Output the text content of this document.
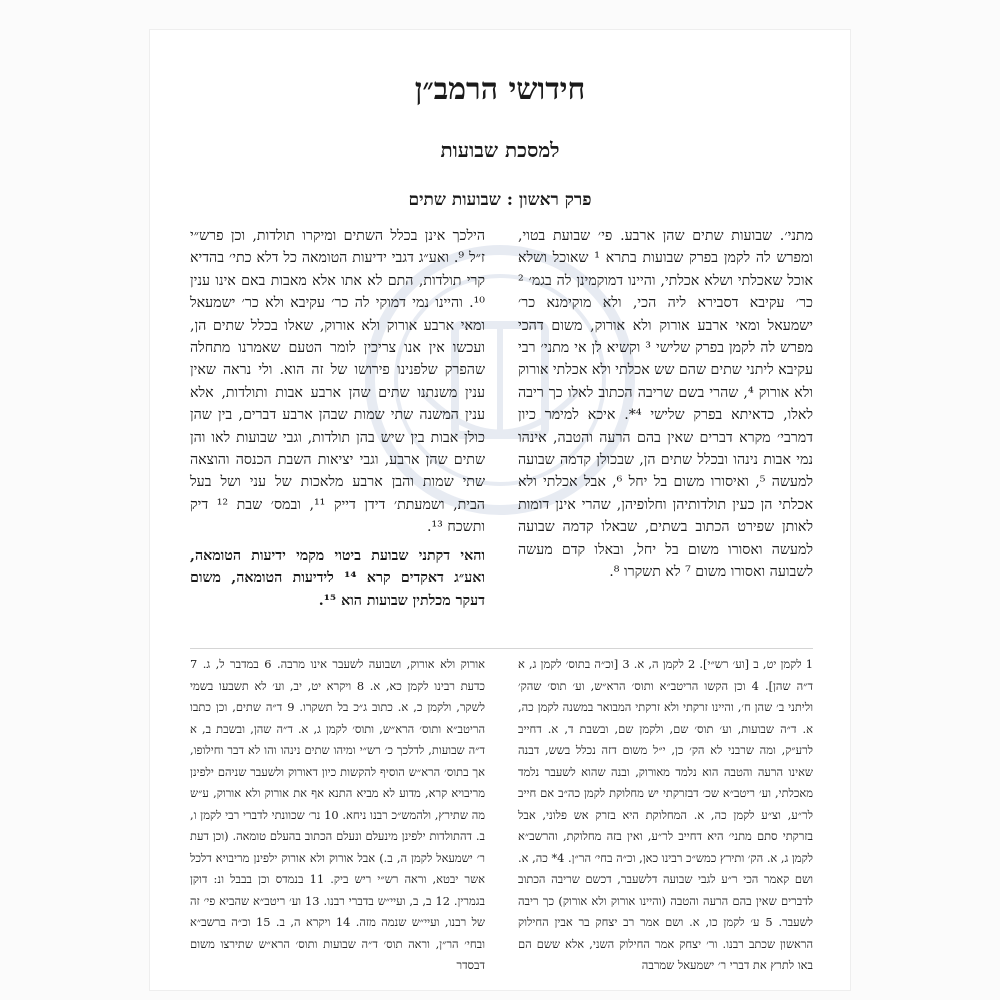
חידושי הרמב״ן
למסכת שבועות
פרק ראשון : שבועות שתים

מתני׳. שבועות שתים שהן ארבע. פי׳ שבועת בטוי, ומפרש לה לקמן בפרק שבועות בתרא ¹ שאוכל ושלא אוכל שאכלתי ושלא אכלתי, והיינו דמוקמינן לה בגמ׳ ² כר׳ עקיבא דסבירא ליה הכי, ולא מוקימנא כר׳ ישמעאל ומאי ארבע אורוק ולא אורוק, משום דהכי מפרש לה לקמן בפרק שלישי ³ וקשיא לן אי מתני׳ רבי עקיבא ליתני שתים שהם שש אכלתי ולא אכלתי אורוק ולא אורוק ⁴, שהרי בשם שריבה הכתוב לאלו כך ריבה לאלו, כדאיתא בפרק שלישי ⁴*. איכא למימר כיון דמרבי׳ מקרא דברים שאין בהם הרעה והטבה, אינהו נמי אבות נינהו ובכלל שתים הן, שבכולן קדמה שבועה למעשה ⁵, ואיסורו משום בל יחל ⁶, אבל אכלתי ולא אכלתי הן כעין תולדותיהן וחלופיהן, שהרי אינן דומות לאותן שפירט הכתוב בשתים, שבאלו קדמה שבועה למעשה ואסורו משום בל יחל, ובאלו קדם מעשה לשבועה ואסורו משום ⁷ לא תשקרו ⁸.

הילכך אינן בכלל השתים ומיקרו תולדות, וכן פרש״י ז״ל ⁹. ואע״ג דגבי ידיעות הטומאה כל דלא כתי׳ בהדיא קרי תולדות, התם לא אתו אלא מאבות באם אינו ענין ¹⁰. והיינו נמי דמוקי לה כר׳ עקיבא ולא כר׳ ישמעאל ומאי ארבע אורוק ולא אורוק, שאלו בכלל שתים הן, ועכשו אין אנו צריכין לומר הטעם שאמרנו מתחלה שהפרק שלפנינו פירושו של זה הוא. ולי נראה שאין ענין משנתנו שתים שהן ארבע אבות ותולדות, אלא ענין המשנה שתי שמות שבהן ארבע דברים, בין שהן כולן אבות בין שיש בהן תולדות, וגבי שבועות לאו והן שתים שהן ארבע, וגבי יציאות השבת הכנסה והוצאה שתי שמות והבן ארבע מלאכות של עני ושל בעל הבית, ושמעתת׳ דידן דייק ¹¹, ובמס׳ שבת ¹² דיק ותשכח ¹³.

והאי דקתני שבועת ביטוי מקמי ידיעות הטומאה, ואע״ג דאקדים קרא ¹⁴ לידיעות הטומאה, משום דעקר מכלתין שבועות הוא ¹⁵.

1 לקמן יט, ב [וע׳ רש״י]. 2 לקמן ה, א. 3 [וכ״ה בתוס׳ לקמן ג, א ד״ה שהן]. 4 וכן הקשו הריטב״א ותוס׳ הרא״ש, וע׳ תוס׳ שהק׳ וליתני ב׳ שהן ח׳, והיינו זרקתי ולא זרקתי המבואר במשנה לקמן כה, א. ד״ה שבועות, וע׳ תוס׳ שם, ולקמן שם, ובשבת ד, א. דחייב לרע״ק, ומה שרבני לא הק׳ כן, י״ל משום דזה נכלל בשש, דבנה שאינו הרעה והטבה הוא נלמד מאורוק, ובנה שהוא לשעבר נלמד מאכלתי, וע׳ ריטב״א שכ׳ דבזרקתי יש מחלוקת לקמן כה״ב אם חייב לר״ע, וצ״ע לקמן כה, א. המחלוקת היא בזרק אש פלוני, אבל בזרקתי סתם מתני׳ היא דחייב לר״ע, ואין בזה מחלוקת, והרשב״א לקמן ג, א. הק׳ ותירץ כמש״כ רבינו כאן, וכ״ה בחי׳ הר״ן. 4* כה, א. ושם קאמר הכי ר״ע לגבי שבועה דלשעבר, דכשם שריבה הכתוב לדברים שאין בהם הרעה והטבה (והיינו אורוק ולא אורוק) כך ריבה לשעבר. 5 ע׳ לקמן כו, א. ושם אמר רב יצחק בר אבין החילוק הראשון שכתב רבנו. ור׳ יצחק אמר החילוק השני, אלא ששם הם באו לתרץ את דברי ר׳ ישמעאל שמרבה
אורוק ולא אורוק, ושבועה לשעבר אינו מרבה. 6 במדבר ל, ג. 7 כדעת רבינו לקמן כא, א. 8 ויקרא יט, יב, וע׳ לא תשבעו בשמי לשקר, ולקמן כ, א. כתוב ג״כ בל תשקרו. 9 ד״ה שתים, וכן כתבו הריטב״א ותוס׳ הרא״ש, ותוס׳ לקמן ג, א. ד״ה שהן, ובשבת ב, א ד״ה שבועות, לדלכך כ׳ רש״י ומיהו שתים נינהו והו לא דבר וחילופו, אך בתוס׳ הרא״ש הוסיף להקשות כיון דאורוק ולשעבר שניהם ילפינן מריבויא קרא, מדוע לא מביא התנא אף את אורוק ולא אורוק, ע״ש מה שתירץ, ולהמש״כ רבנו ניחא. 10 נר׳ שכוונתי לדברי רבי לקמן ו, ב. דהתולדות ילפינן מינעלם ונעלם הכתוב בהעלם טומאה. (וכן דעת ר׳ ישמעאל לקמן ה, ב.) אבל אורוק ולא אורוק ילפינן מריבויא דלכל אשר יבטא, וראה רש״י ריש ביק. 11 בנמדס וכן בבבל ונ: דוקן בגמרין. 12 ב, ב, ועיי״ש בדברי רבנו. 13 וע׳ ריטב״א שהביא פי׳ זה של רבנו, ועיי״ש שנמה מזה. 14 ויקרא ה, ב. 15 וכ״ה ברשב״א ובחי׳ הר״ן, וראה תוס׳ ד״ה שבועות ותוס׳ הרא״ש שתירצו משום דבסדר
